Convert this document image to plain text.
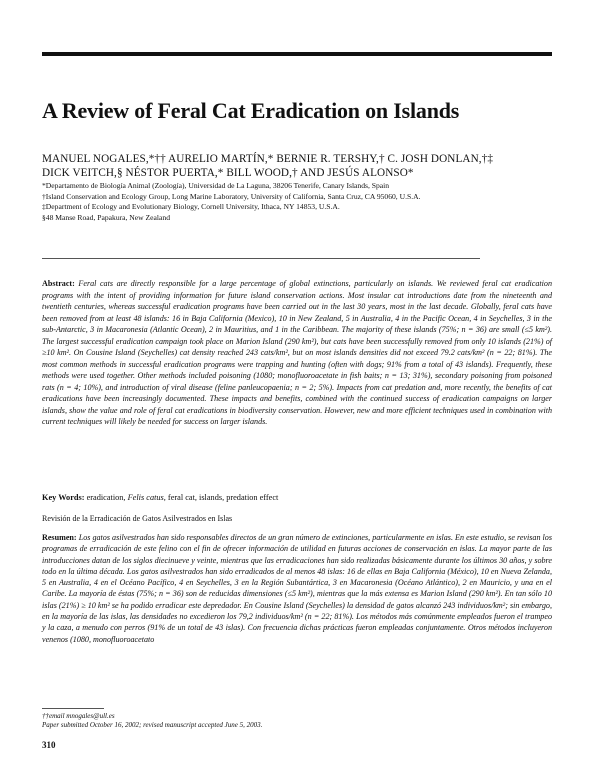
A Review of Feral Cat Eradication on Islands
MANUEL NOGALES,*†† AURELIO MARTÍN,* BERNIE R. TERSHY,† C. JOSH DONLAN,†‡
DICK VEITCH,§ NÉSTOR PUERTA,* BILL WOOD,† AND JESÚS ALONSO*
*Departamento de Biología Animal (Zoología), Universidad de La Laguna, 38206 Tenerife, Canary Islands, Spain
†Island Conservation and Ecology Group, Long Marine Laboratory, University of California, Santa Cruz, CA 95060, U.S.A.
‡Department of Ecology and Evolutionary Biology, Cornell University, Ithaca, NY 14853, U.S.A.
§48 Manse Road, Papakura, New Zealand

Abstract: Feral cats are directly responsible for a large percentage of global extinctions, particularly on islands. We reviewed feral cat eradication programs with the intent of providing information for future island conservation actions. Most insular cat introductions date from the nineteenth and twentieth centuries, whereas successful eradication programs have been carried out in the last 30 years, most in the last decade. Globally, feral cats have been removed from at least 48 islands: 16 in Baja California (Mexico), 10 in New Zealand, 5 in Australia, 4 in the Pacific Ocean, 4 in Seychelles, 3 in the sub-Antarctic, 3 in Macaronesia (Atlantic Ocean), 2 in Mauritius, and 1 in the Caribbean. The majority of these islands (75%; n = 36) are small (≤5 km²). The largest successful eradication campaign took place on Marion Island (290 km²), but cats have been successfully removed from only 10 islands (21%) of ≥10 km². On Cousine Island (Seychelles) cat density reached 243 cats/km², but on most islands densities did not exceed 79.2 cats/km² (n = 22; 81%). The most common methods in successful eradication programs were trapping and hunting (often with dogs; 91% from a total of 43 islands). Frequently, these methods were used together. Other methods included poisoning (1080; monofluoroacetate in fish baits; n = 13; 31%), secondary poisoning from poisoned rats (n = 4; 10%), and introduction of viral disease (feline panleucopaenia; n = 2; 5%). Impacts from cat predation and, more recently, the benefits of cat eradications have been increasingly documented. These impacts and benefits, combined with the continued success of eradication campaigns on larger islands, show the value and role of feral cat eradications in biodiversity conservation. However, new and more efficient techniques used in combination with current techniques will likely be needed for success on larger islands.

Key Words: eradication, Felis catus, feral cat, islands, predation effect

Revisión de la Erradicación de Gatos Asilvestrados en Islas

Resumen: Los gatos asilvestrados han sido responsables directos de un gran número de extinciones, particularmente en islas. En este estudio, se revisan los programas de erradicación de este felino con el fin de ofrecer información de utilidad en futuras acciones de conservación en islas. La mayor parte de las introducciones datan de los siglos diecinueve y veinte, mientras que las erradicaciones han sido realizadas básicamente durante los últimos 30 años, y sobre todo en la última década. Los gatos asilvestrados han sido erradicados de al menos 48 islas: 16 de ellas en Baja California (México), 10 en Nueva Zelanda, 5 en Australia, 4 en el Océano Pacífico, 4 en Seychelles, 3 en la Región Subantártica, 3 en Macaronesia (Océano Atlántico), 2 en Mauricio, y una en el Caribe. La mayoría de éstas (75%; n = 36) son de reducidas dimensiones (≤5 km²), mientras que la más extensa es Marion Island (290 km²). En tan sólo 10 islas (21%) ≥ 10 km² se ha podido erradicar este depredador. En Cousine Island (Seychelles) la densidad de gatos alcanzó 243 individuos/km²; sin embargo, en la mayoría de las islas, las densidades no excedieron los 79,2 individuos/km² (n = 22; 81%). Los métodos más comúnmente empleados fueron el trampeo y la caza, a menudo con perros (91% de un total de 43 islas). Con frecuencia dichas prácticas fueron empleadas conjuntamente. Otros métodos incluyeron venenos (1080, monofluoroacetato

††email mnogales@ull.es
Paper submitted October 16, 2002; revised manuscript accepted June 5, 2003.
310
